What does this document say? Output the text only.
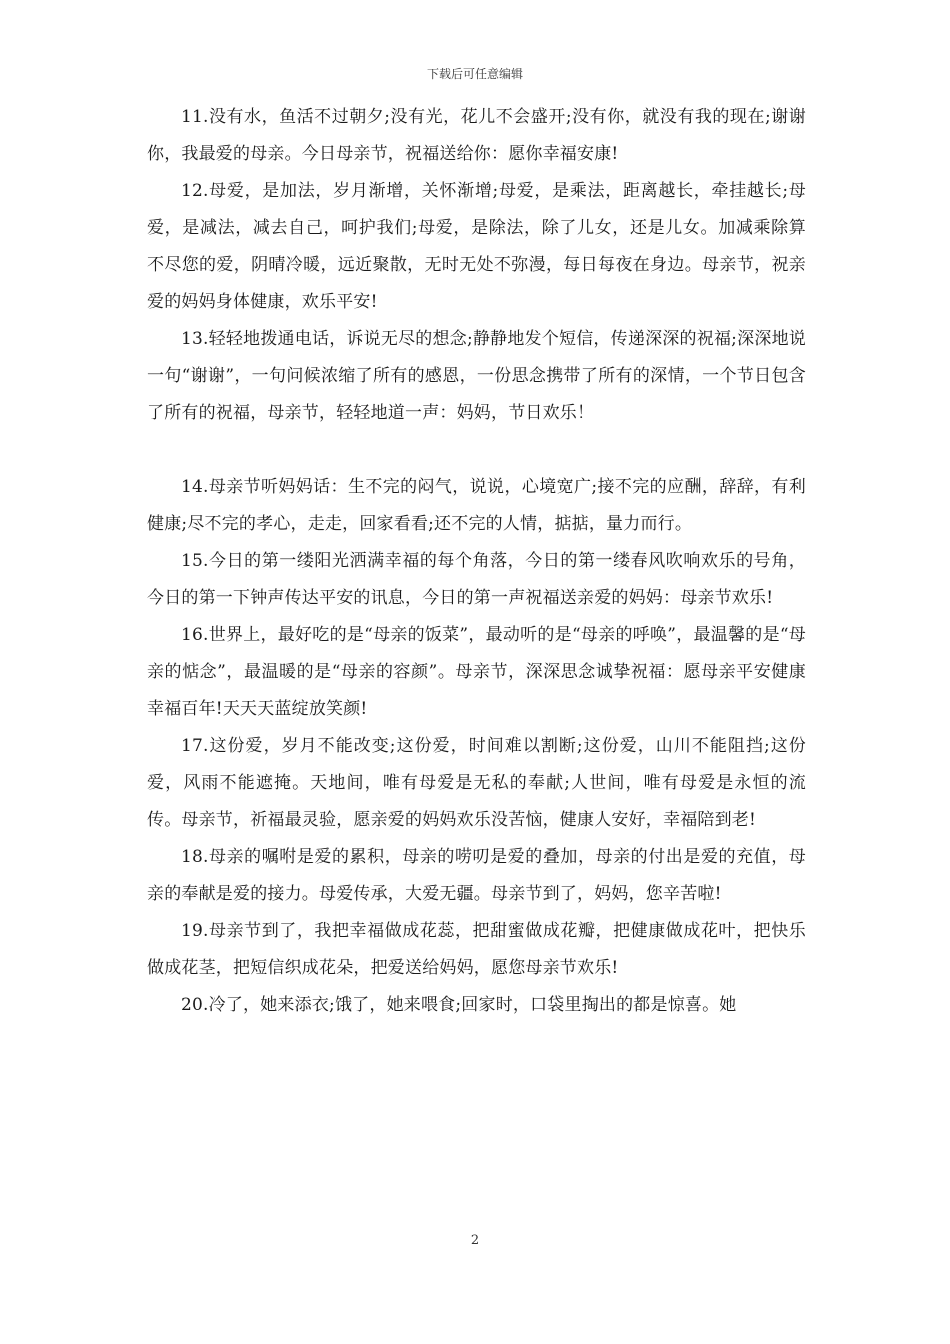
下载后可任意编辑

11.没有水，鱼活不过朝夕;没有光，花儿不会盛开;没有你，就没有我的现在;谢谢你，我最爱的母亲。今日母亲节，祝福送给你：愿你幸福安康!

12.母爱，是加法，岁月渐增，关怀渐增;母爱，是乘法，距离越长，牵挂越长;母爱，是减法，减去自己，呵护我们;母爱，是除法，除了儿女，还是儿女。加减乘除算不尽您的爱，阴晴冷暖，远近聚散，无时无处不弥漫，每日每夜在身边。母亲节，祝亲爱的妈妈身体健康，欢乐平安!

13.轻轻地拨通电话，诉说无尽的想念;静静地发个短信，传递深深的祝福;深深地说一句“谢谢”，一句问候浓缩了所有的感恩，一份思念携带了所有的深情，一个节日包含了所有的祝福，母亲节，轻轻地道一声：妈妈，节日欢乐！

14.母亲节听妈妈话：生不完的闷气，说说，心境宽广;接不完的应酬，辞辞，有利健康;尽不完的孝心，走走，回家看看;还不完的人情，掂掂，量力而行。

15.今日的第一缕阳光洒满幸福的每个角落，今日的第一缕春风吹响欢乐的号角，今日的第一下钟声传达平安的讯息，今日的第一声祝福送亲爱的妈妈：母亲节欢乐!

16.世界上，最好吃的是“母亲的饭菜”，最动听的是“母亲的呼唤”，最温馨的是“母亲的惦念”，最温暖的是“母亲的容颜”。母亲节，深深思念诚挚祝福：愿母亲平安健康幸福百年!天天天蓝绽放笑颜!

17.这份爱，岁月不能改变;这份爱，时间难以割断;这份爱，山川不能阻挡;这份爱，风雨不能遮掩。天地间，唯有母爱是无私的奉献;人世间，唯有母爱是永恒的流传。母亲节，祈福最灵验，愿亲爱的妈妈欢乐没苦恼，健康人安好，幸福陪到老!

18.母亲的嘱咐是爱的累积，母亲的唠叨是爱的叠加，母亲的付出是爱的充值，母亲的奉献是爱的接力。母爱传承，大爱无疆。母亲节到了，妈妈，您辛苦啦!

19.母亲节到了，我把幸福做成花蕊，把甜蜜做成花瓣，把健康做成花叶，把快乐做成花茎，把短信织成花朵，把爱送给妈妈，愿您母亲节欢乐!

20.冷了，她来添衣;饿了，她来喂食;回家时，口袋里掏出的都是惊喜。她

2
